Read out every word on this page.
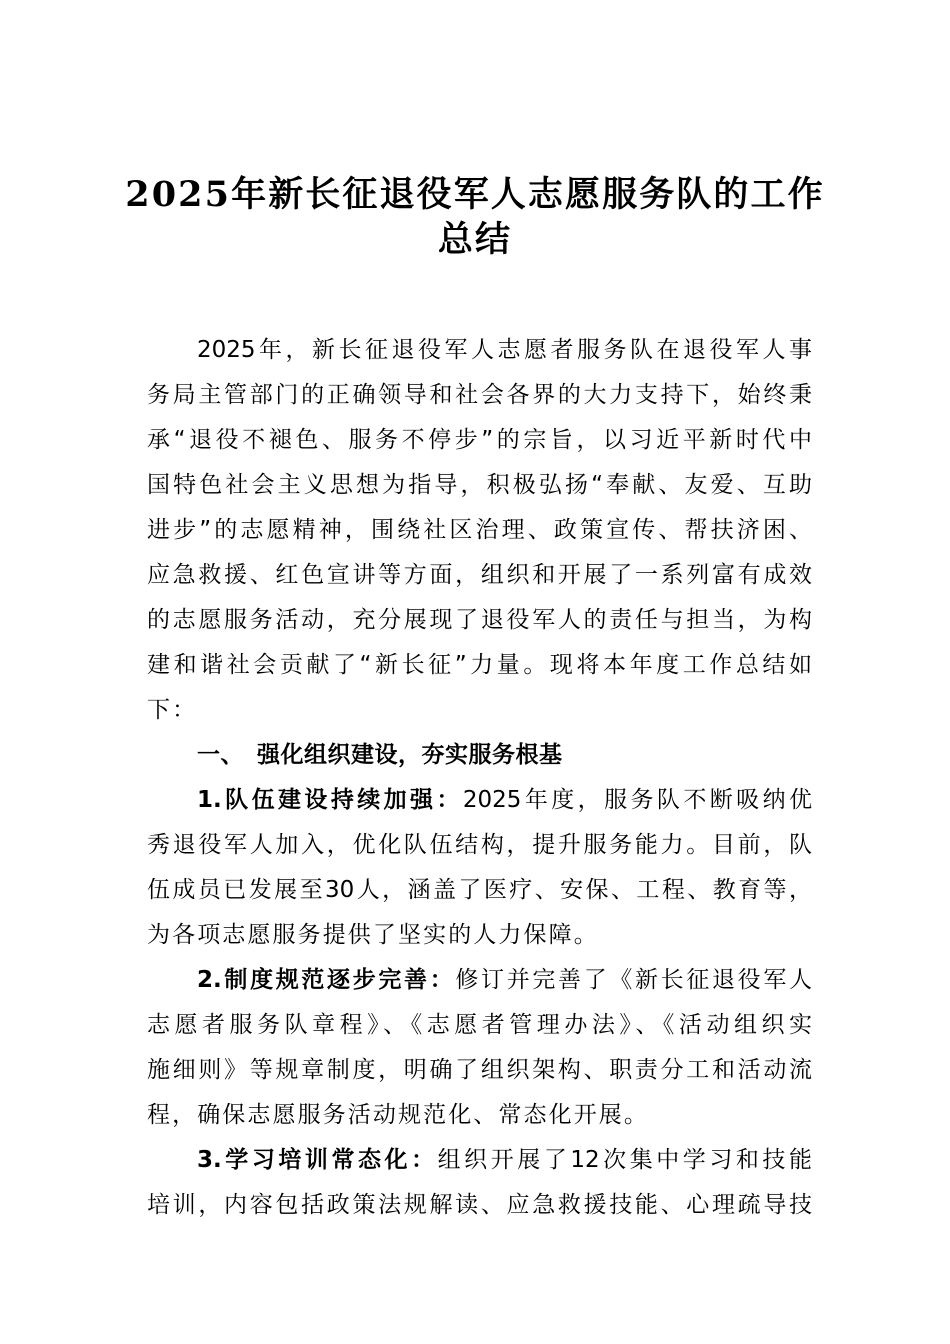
2025年新长征退役军人志愿服务队的工作
总结
2025年，新长征退役军人志愿者服务队在退役军人事
务局主管部门的正确领导和社会各界的大力支持下，始终秉
承“退役不褪色、服务不停步”的宗旨，以习近平新时代中
国特色社会主义思想为指导，积极弘扬“奉献、友爱、互助
进步”的志愿精神，围绕社区治理、政策宣传、帮扶济困、
应急救援、红色宣讲等方面，组织和开展了一系列富有成效
的志愿服务活动，充分展现了退役军人的责任与担当，为构
建和谐社会贡献了“新长征”力量。现将本年度工作总结如
下：
一、 强化组织建设，夯实服务根基
1.队伍建设持续加强：2025年度，服务队不断吸纳优
秀退役军人加入，优化队伍结构，提升服务能力。目前，队
伍成员已发展至30人，涵盖了医疗、安保、工程、教育等，
为各项志愿服务提供了坚实的人力保障。
2.制度规范逐步完善：修订并完善了《新长征退役军人
志愿者服务队章程》、《志愿者管理办法》、《活动组织实
施细则》等规章制度，明确了组织架构、职责分工和活动流
程，确保志愿服务活动规范化、常态化开展。
3.学习培训常态化：组织开展了12次集中学习和技能
培训，内容包括政策法规解读、应急救援技能、心理疏导技
